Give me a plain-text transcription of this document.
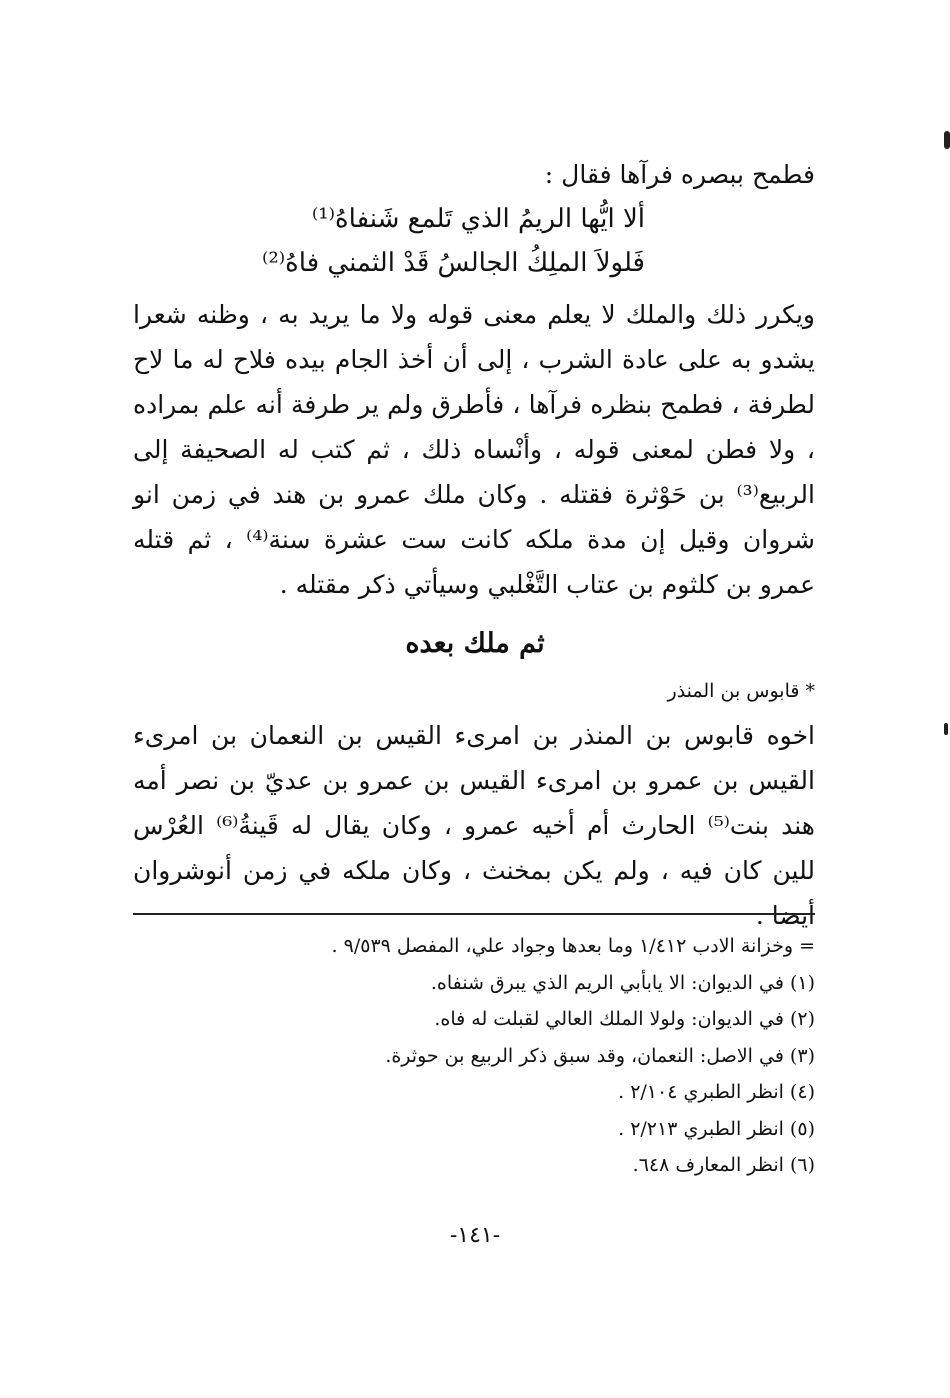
فطمح ببصره فرآها فقال :
ألا ايُّها الريمُ الذي تَلمع شَنفاهُ⁽¹⁾
فَلولاَ الملِكُ الجالسُ قَدْ الثمني فاهُ⁽²⁾

ويكرر ذلك والملك لا يعلم معنى قوله ولا ما يريد به ، وظنه شعرا يشدو به على عادة الشرب ، إلى أن أخذ الجام بيده فلاح له ما لاح لطرفة ، فطمح بنظره فرآها ، فأطرق ولم ير طرفة أنه علم بمراده ، ولا فطن لمعنى قوله ، وأنْساه ذلك ، ثم كتب له الصحيفة إلى الربيع⁽³⁾ بن حَوْثرة فقتله . وكان ملك عمرو بن هند في زمن انو شروان وقيل إن مدة ملكه كانت ست عشرة سنة⁽⁴⁾ ، ثم قتله عمرو بن كلثوم بن عتاب التَّغْلبي وسيأتي ذكر مقتله .

ثم ملك بعده
* قابوس بن المنذر

اخوه قابوس بن المنذر بن امرىء القيس بن النعمان بن امرىء القيس بن عمرو بن امرىء القيس بن عمرو بن عديّ بن نصر أمه هند بنت⁽⁵⁾ الحارث أم أخيه عمرو ، وكان يقال له قَينةُ⁽⁶⁾ العُرْس للين كان فيه ، ولم يكن بمخنث ، وكان ملكه في زمن أنوشروان أيضا .

= وخزانة الادب ١/٤١٢ وما بعدها وجواد علي، المفصل ٩/٥٣٩ .
(١) في الديوان: الا يابأبي الريم الذي يبرق شنفاه.
(٢) في الديوان: ولولا الملك العالي لقبلت له فاه.
(٣) في الاصل: النعمان، وقد سبق ذكر الربيع بن حوثرة.
(٤) انظر الطبري ٢/١٠٤ .
(٥) انظر الطبري ٢/٢١٣ .
(٦) انظر المعارف ٦٤٨.
-١٤١-
